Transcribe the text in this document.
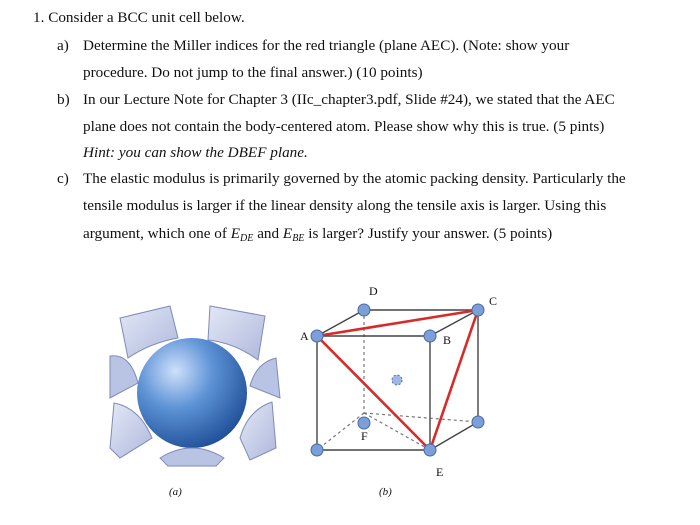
1. Consider a BCC unit cell below.
a) Determine the Miller indices for the red triangle (plane AEC). (Note: show your
procedure. Do not jump to the final answer.) (10 points)
b) In our Lecture Note for Chapter 3 (IIc_chapter3.pdf, Slide #24), we stated that the AEC
plane does not contain the body-centered atom. Please show why this is true. (5 pints)
Hint: you can show the DBEF plane.
c) The elastic modulus is primarily governed by the atomic packing density. Particularly the
tensile modulus is larger if the linear density along the tensile axis is larger. Using this
argument, which one of $E_{DE}$ and $E_{BE}$ is larger? Justify your answer. (5 points)
(a)
A
D
C
B
E
F
(b)
